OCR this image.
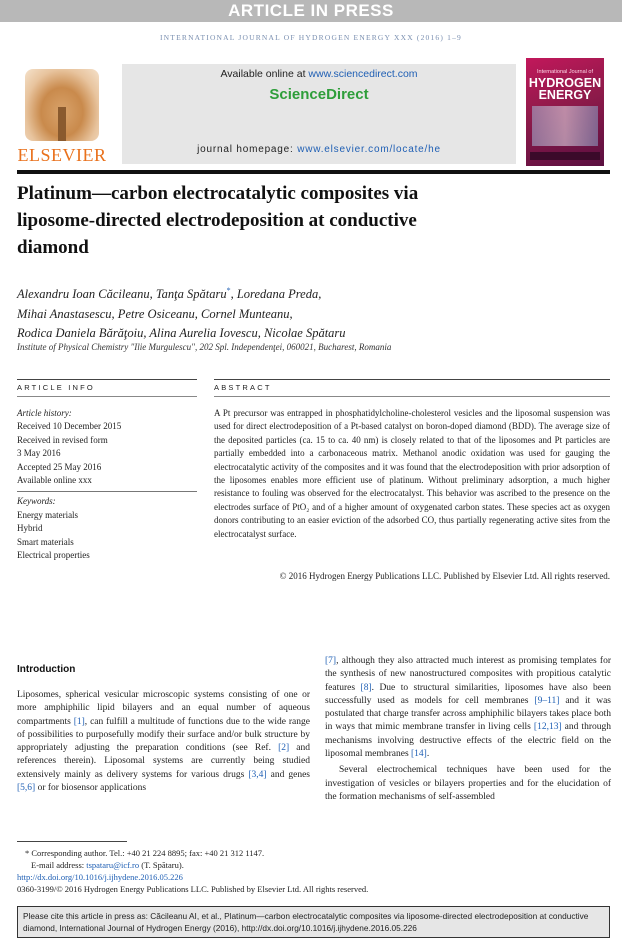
ARTICLE IN PRESS
INTERNATIONAL JOURNAL OF HYDROGEN ENERGY XXX (2016) 1–9
ELSEVIER
Available online at www.sciencedirect.com
ScienceDirect
journal homepage: www.elsevier.com/locate/he
International Journal of
HYDROGEN
ENERGY
Platinum—carbon electrocatalytic composites via
liposome-directed electrodeposition at conductive
diamond
Alexandru Ioan Căcileanu, Tanţa Spătaru*, Loredana Preda,
Mihai Anastasescu, Petre Osiceanu, Cornel Munteanu,
Rodica Daniela Bărăţoiu, Alina Aurelia Iovescu, Nicolae Spătaru
Institute of Physical Chemistry "Ilie Murgulescu", 202 Spl. Independenţei, 060021, Bucharest, Romania
ARTICLE INFO	ABSTRACT
Article history:
Received 10 December 2015
Received in revised form
3 May 2016
Accepted 25 May 2016
Available online xxx
Keywords:
Energy materials
Hybrid
Smart materials
Electrical properties
A Pt precursor was entrapped in phosphatidylcholine-cholesterol vesicles and the liposomal suspension was used for direct electrodeposition of a Pt-based catalyst on boron-doped diamond (BDD). The average size of the deposited particles (ca. 15 to ca. 40 nm) is closely related to that of the liposomes and Pt particles are partially embedded into a carbonaceous matrix. Methanol anodic oxidation was used for gauging the electrocatalytic activity of the composites and it was found that the electrodeposition with prior adsorption of the liposomes enables more efficient use of platinum. Without preliminary adsorption, a much higher resistance to fouling was observed for the electrocatalyst. This behavior was ascribed to the presence on the electrodes surface of PtO₂ and of a higher amount of oxygenated carbon states. These species act as oxygen donors contributing to an easier eviction of the adsorbed CO, thus partially regenerating active sites from the electrocatalyst surface.
© 2016 Hydrogen Energy Publications LLC. Published by Elsevier Ltd. All rights reserved.
Introduction
Liposomes, spherical vesicular microscopic systems consisting of one or more amphiphilic lipid bilayers and an equal number of aqueous compartments [1], can fulfill a multitude of functions due to the wide range of possibilities to purposefully modify their surface and/or bulk structure by appropriately adjusting the preparation conditions (see Ref. [2] and references therein). Liposomal systems are currently being studied extensively mainly as delivery systems for various drugs [3,4] and genes [5,6] or for biosensor applications
[7], although they also attracted much interest as promising templates for the synthesis of new nanostructured composites with propitious catalytic features [8]. Due to structural similarities, liposomes have also been successfully used as models for cell membranes [9–11] and it was postulated that charge transfer across amphiphilic bilayers takes place both in ways that mimic membrane transfer in living cells [12,13] and through mechanisms involving destructive effects of the electric field on the liposomal membranes [14].
Several electrochemical techniques have been used for the investigation of vesicles or bilayers properties and for the elucidation of the formation mechanisms of self-assembled
* Corresponding author. Tel.: +40 21 224 8895; fax: +40 21 312 1147.
E-mail address: tspataru@icf.ro (T. Spătaru).
http://dx.doi.org/10.1016/j.ijhydene.2016.05.226
0360-3199/© 2016 Hydrogen Energy Publications LLC. Published by Elsevier Ltd. All rights reserved.
Please cite this article in press as: Căcileanu AI, et al., Platinum—carbon electrocatalytic composites via liposome-directed electrodeposition at conductive diamond, International Journal of Hydrogen Energy (2016), http://dx.doi.org/10.1016/j.ijhydene.2016.05.226
